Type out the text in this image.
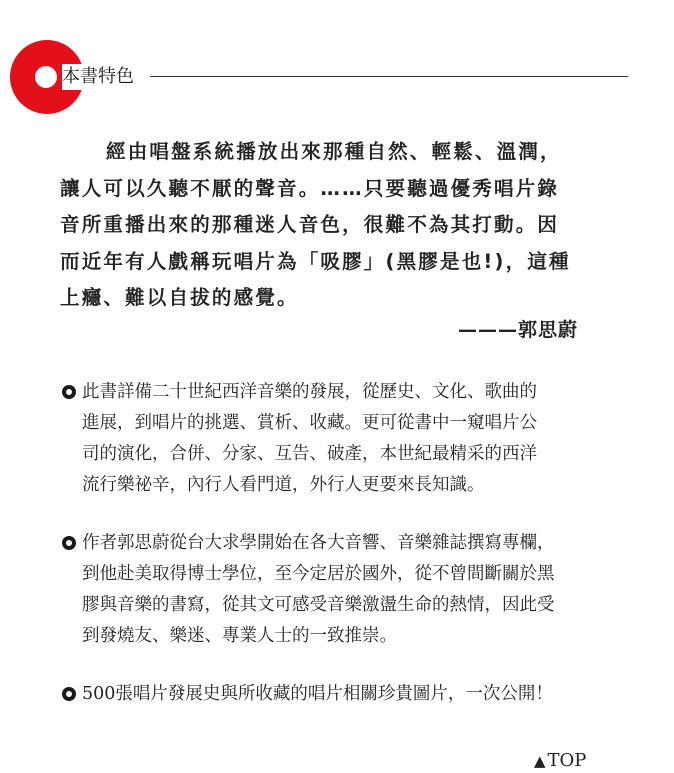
本書特色

經由唱盤系統播放出來那種自然、輕鬆、溫潤，

讓人可以久聽不厭的聲音。……只要聽過優秀唱片錄

音所重播出來的那種迷人音色，很難不為其打動。因

而近年有人戲稱玩唱片為「吸膠」(黑膠是也!)，這種

上癮、難以自拔的感覺。

———郭思蔚
此書詳備二十世紀西洋音樂的發展，從歷史、文化、歌曲的
進展，到唱片的挑選、賞析、收藏。更可從書中一窺唱片公
司的演化，合併、分家、互告、破產，本世紀最精采的西洋
流行樂祕辛，內行人看門道，外行人更要來長知識。
作者郭思蔚從台大求學開始在各大音響、音樂雜誌撰寫專欄，
到他赴美取得博士學位，至今定居於國外，從不曾間斷關於黑
膠與音樂的書寫，從其文可感受音樂激盪生命的熱情，因此受
到發燒友、樂迷、專業人士的一致推崇。
500張唱片發展史與所收藏的唱片相關珍貴圖片，一次公開！
▲ TOP
